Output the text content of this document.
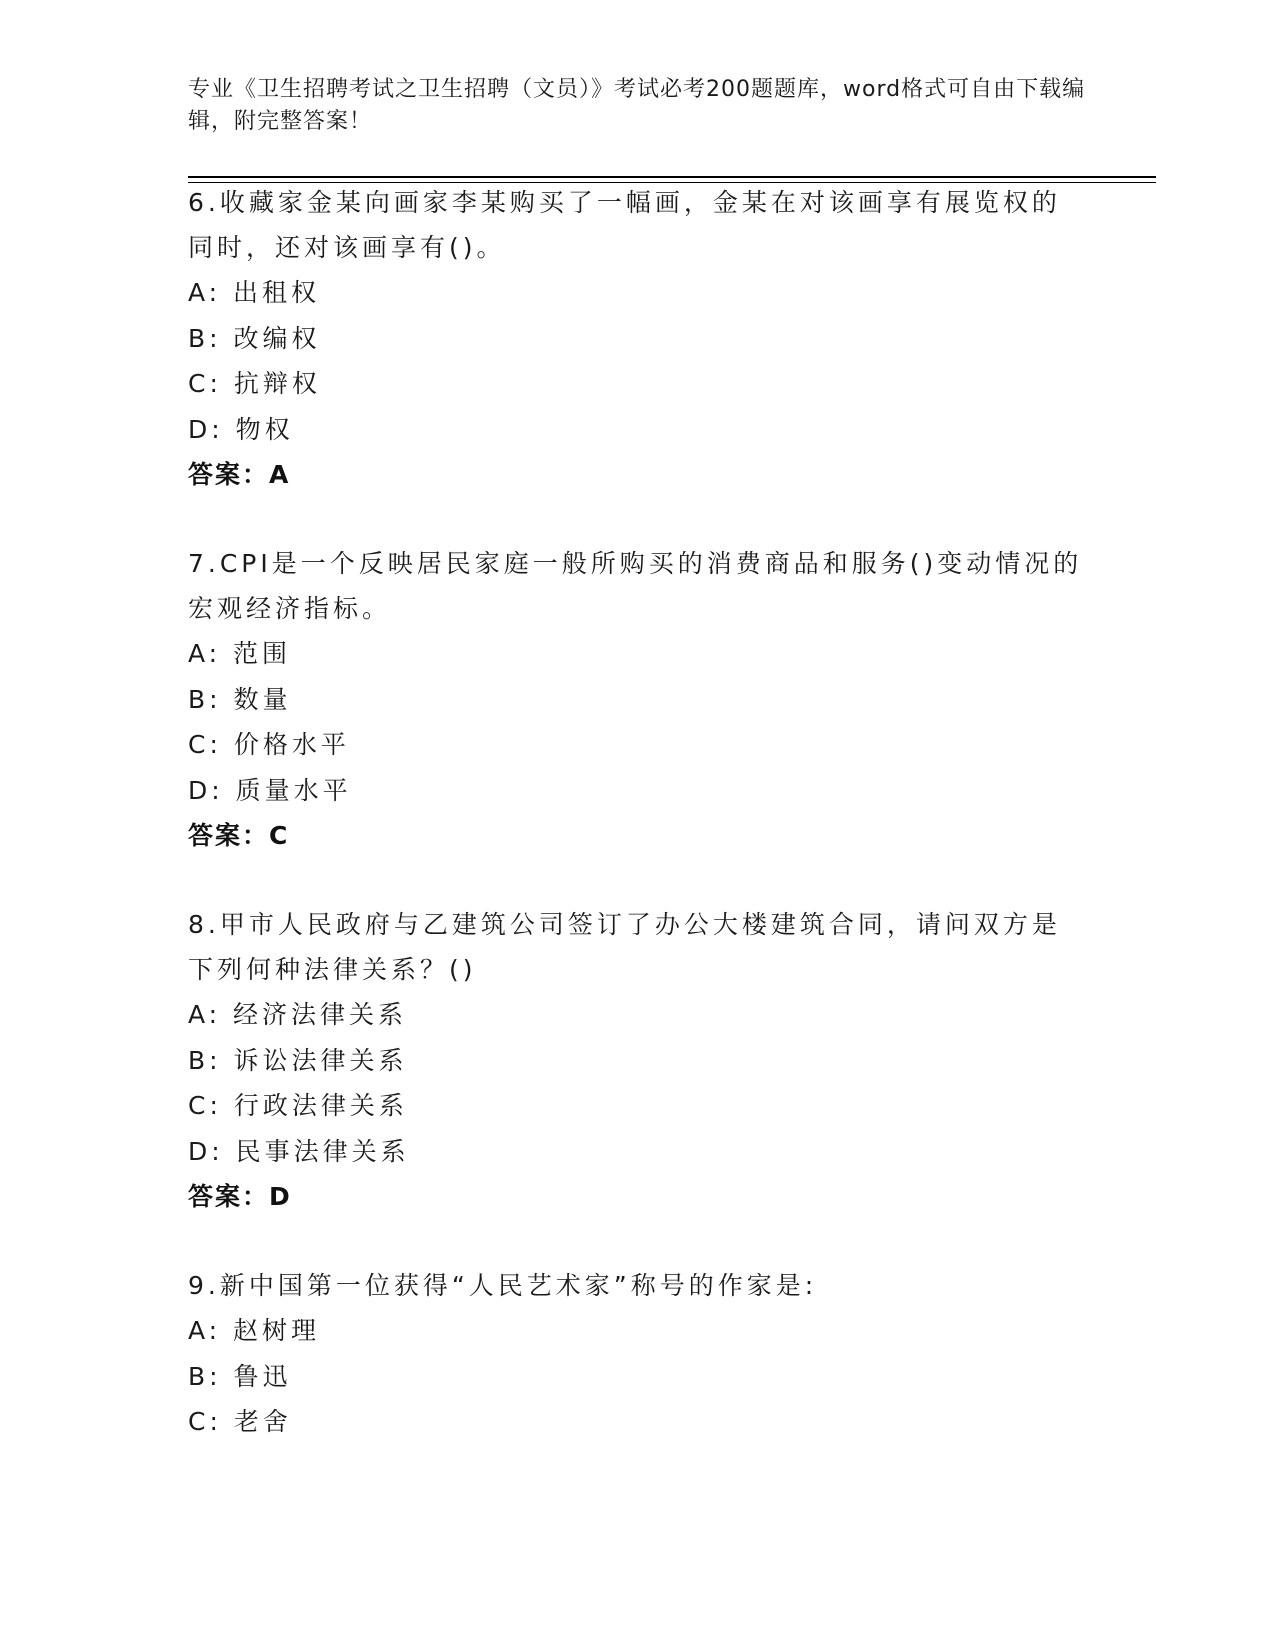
专业《卫生招聘考试之卫生招聘（文员）》考试必考200题题库，word格式可自由下载编辑，附完整答案！
6.收藏家金某向画家李某购买了一幅画，金某在对该画享有展览权的同时，还对该画享有()。
A: 出租权
B: 改编权
C: 抗辩权
D: 物权
答案：A
7.CPI是一个反映居民家庭一般所购买的消费商品和服务()变动情况的宏观经济指标。
A: 范围
B: 数量
C: 价格水平
D: 质量水平
答案：C
8.甲市人民政府与乙建筑公司签订了办公大楼建筑合同，请问双方是下列何种法律关系？()
A: 经济法律关系
B: 诉讼法律关系
C: 行政法律关系
D: 民事法律关系
答案：D
9.新中国第一位获得“人民艺术家”称号的作家是:
A: 赵树理
B: 鲁迅
C: 老舍
